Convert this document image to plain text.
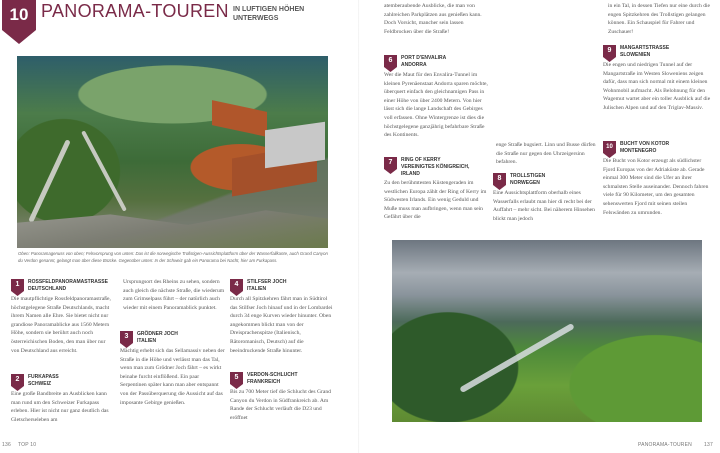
10 PANORAMA-TOUREN IN LUFTIGEN HÖHEN
UNTERWEGS
Oben: Panoramagenuss von oben; Felsvorsprung von unten: Das ist die norwegische Trollstigen-Aussichtsplattform über der Wasserfallkante, auch Grand Canyon
du Verdon genannt, gelangt man über diese Brücke. Gegenüber unten: In der Schweiz gab ein Panorama bei Nacht, hier am Furkapass.
1	ROSSFELDPANORAMASTRASSE
DEUTSCHLAND
Die mautpflichtige Rossfeldpanoramastraße, höchstgelegene Straße Deutschlands, macht ihrem Namen alle Ehre. Sie bietet nicht nur grandiose Panoramablicke aus 1560 Metern Höhe, sondern sie berührt auch noch österreichischen Boden, den man über nur von Deutschland aus erreicht.
2	FURKAPASS
SCHWEIZ
Eine große Bandbreite an Ausblicken kann man rund um den Schweizer Furkapass erleben. Hier ist nicht nur ganz deutlich das Gletscherseleben am
Ursprungsort des Rheins zu sehen, sondern auch gleich die nächste Straße, die wiederum zum Grimselpass führt – der natürlich auch wieder mit einem Panoramablick punktet.
3	GRÖDNER JOCH
ITALIEN
Mächtig erhebt sich das Sellamassiv neben der Straße in die Höhe und verlässt man das Tal, wenn man zum Grödner Joch fährt – es wirkt beinahe furcht einflößend. Ein paar Serpentinen später kann man aber entspannt von der Passüberquerung die Aussicht auf das imposante Gebirge genießen.
4	STILFSER JOCH
ITALIEN
Durch all Spitzkehren fährt man in Südtirol das Stilfser Joch hinauf und in der Lombardei durch 34 enge Kurven wieder hinunter. Oben angekommen blickt man von der Dreisprachenspitze (Italienisch, Rätoromanisch, Deutsch) auf die beeindruckende Straße hinunter.
5	VERDON-SCHLUCHT
FRANKREICH
Bis zu 700 Meter tief die Schlucht des Grand Canyon du Verdon in Südfrankreich ab. Am Rande der Schlucht verläuft die D23 und eröffnet
136 TOP 10
atemberaubende Ausblicke, die man von zahlreichen Parkplätzen aus genießen kann. Doch Vorsicht, mancher sein lassen Feldbrocken über die Straße!
6	PORT D'ENVALIRA
ANDORRA
Wer die Maut für den Envalira-Tunnel im kleinen Pyrenäenstaat Andorra sparen möchte, überquert einfach den gleichnamigen Pass in einer Höhe von über 2400 Metern. Von hier lässt sich die lange Landschaft des Gebirges voll erfassen. Ohne Wintergrenze ist dies die höchstgelegene ganzjährig befahrbare Straße des Kontinents.
7	RING OF KERRY
VEREINIGTES KÖNIGREICH, IRLAND
Zu den berühmtesten Küstengeraden im westlichen Europa zählt der Ring of Kerry im Südwesten Irlands. Ein wenig Geduld und Muße muss man aufbringen, wenn man sein Gefährt über die
enge Straße bugsiert. Linn und Busse dürfen die Straße nur gegen den Uhrzeigersinn befahren.
8	TROLLSTIGEN
NORWEGEN
Eine Aussichtsplattform oberhalb eines Wasserfalls erlaubt man hier di recht bei der Auffahrt – mehr sicht. Bei näherem Hinsehen blickt man jedoch
in ein Tal, in dessen Tiefen nur eine durch die engen Spitzkehren des Trollstigen gelangen können. Ein Schauspiel für Fahrer und Zuschauer!
9	MANGARTSTRASSE
SLOWENIEN
Die engen und niedrigen Tunnel auf der Mangartstraße im Westen Sloweniens zeigen dafür, dass man sich normal mit einem kleinen Wohnmobil aufmacht. Als Belohnung für den Wagemut wartet aber ein toller Ausblick auf die Julischen Alpen und auf den Triglav-Massiv.
10	BUCHT VON KOTOR
MONTENEGRO
Die Bucht von Kotor erzeugt als südlichster Fjord Europas von der Adriaküste ab. Gerade einmal 300 Meter sind die Ufer an ihrer schmalsten Stelle auseinander. Dennoch fahren viele für 90 Kilometer, um den gesamten sehenswerten Fjord mit seinen steilen Felswänden zu umrunden.
PANORAMA-TOUREN 137
